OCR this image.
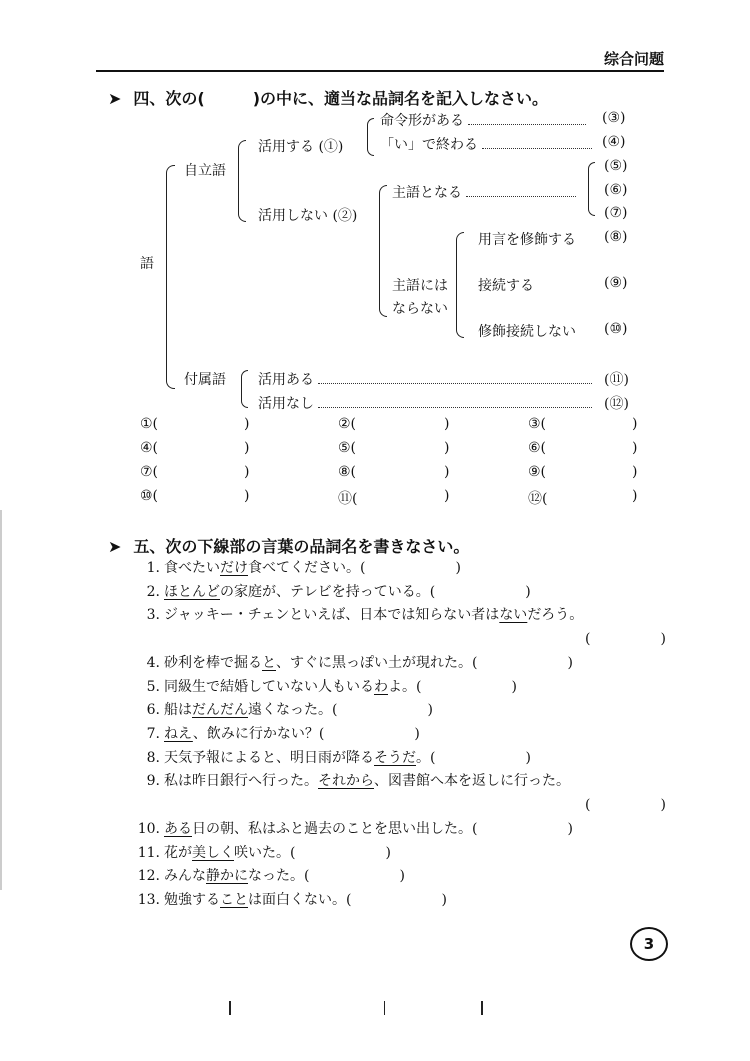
综合问题
➤ 四、次の(　　　)の中に、適当な品詞名を記入しなさい。
語
自立語
活用する (①)
命令形がある	(③)
「い」で終わる	(④)
活用しない (②)
主語となる
(⑤)
(⑥)
(⑦)
主語には
ならない
用言を修飾する (⑧)
接続する	(⑨)
修飾接続しない (⑩)
付属語 活用ある	(⑪)
活用なし	(⑫)
①(	)	②(	)	③(	)
④(	)	⑤(	)	⑥(	)
⑦(	)	⑧(	)	⑨(	)
⑩(	)	⑪(	)	⑫(	)
➤ 五、次の下線部の言葉の品詞名を書きなさい。
1. 食べたいだけ食べてください。(	)
2. ほとんどの家庭が、テレビを持っている。(	)
3. ジャッキー・チェンといえば、日本では知らない者はないだろう。
(　　　　　)
4. 砂利を棒で掘ると、すぐに黒っぽい土が現れた。(	)
5. 同級生で結婚していない人もいるわよ。(	)
6. 船はだんだん遠くなった。(	)
7. ねえ、飲みに行かない？(	)
8. 天気予報によると、明日雨が降るそうだ。(	)
9. 私は昨日銀行へ行った。それから、図書館へ本を返しに行った。
(　　　　　)
10. ある日の朝、私はふと過去のことを思い出した。(	)
11. 花が美しく咲いた。(	)
12. みんな静かになった。(	)
13. 勉強することは面白くない。(	)
3
